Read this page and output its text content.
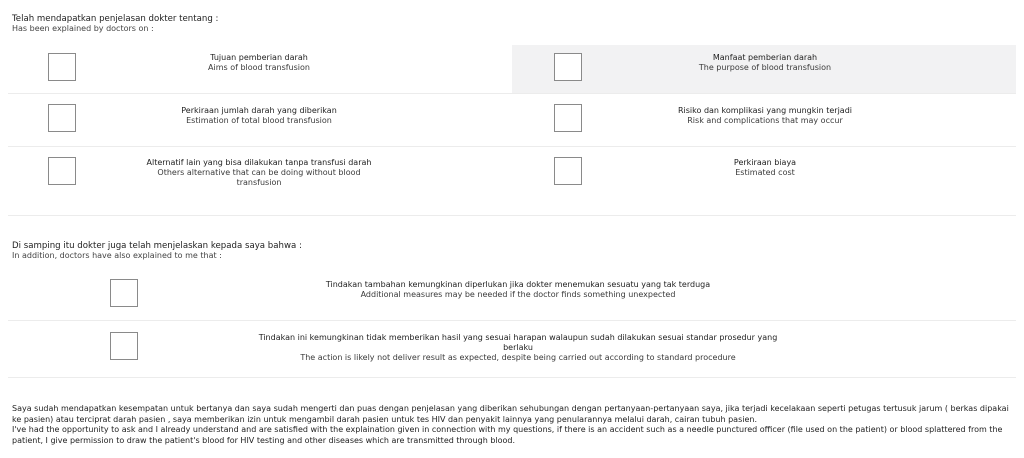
Telah mendapatkan penjelasan dokter tentang :
Has been explained by doctors on :
Tujuan pemberian darah
Aims of blood transfusion
Manfaat pemberian darah
The purpose of blood transfusion
Perkiraan jumlah darah yang diberikan
Estimation of total blood transfusion
Risiko dan komplikasi yang mungkin terjadi
Risk and complications that may occur
Alternatif lain yang bisa dilakukan tanpa transfusi darah
Others alternative that can be doing without blood transfusion
Perkiraan biaya
Estimated cost
Di samping itu dokter juga telah menjelaskan kepada saya bahwa :
In addition, doctors have also explained to me that :
Tindakan tambahan kemungkinan diperlukan jika dokter menemukan sesuatu yang tak terduga
Additional measures may be needed if the doctor finds something unexpected
Tindakan ini kemungkinan tidak memberikan hasil yang sesuai harapan walaupun sudah dilakukan sesuai standar prosedur yang berlaku
The action is likely not deliver result as expected, despite being carried out according to standard procedure
Saya sudah mendapatkan kesempatan untuk bertanya dan saya sudah mengerti dan puas dengan penjelasan yang diberikan sehubungan dengan pertanyaan-pertanyaan saya, jika terjadi kecelakaan seperti petugas tertusuk jarum ( berkas dipakai ke pasien) atau terciprat darah pasien , saya memberikan izin untuk mengambil darah pasien untuk tes HIV dan penyakit lainnya yang penularannya melalui darah, cairan tubuh pasien.
I've had the opportunity to ask and I already understand and are satisfied with the explaination given in connection with my questions, if there is an accident such as a needle punctured officer (file used on the patient) or blood splattered from the patient, I give permission to draw the patient's blood for HIV testing and other diseases which are transmitted through blood.
